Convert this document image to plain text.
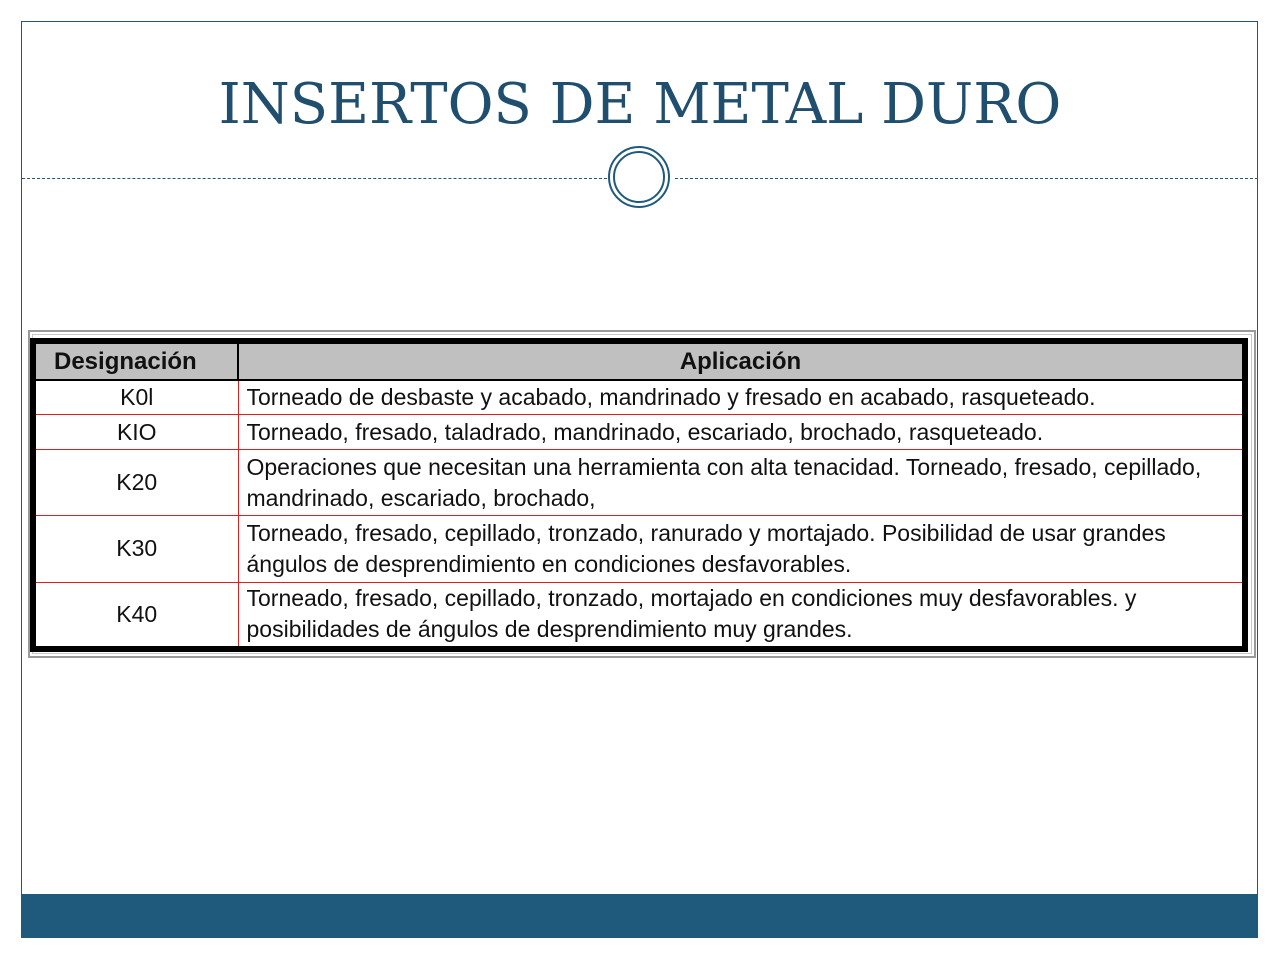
INSERTOS DE METAL DURO
Designación	Aplicación
K0l	Torneado de desbaste y acabado, mandrinado y fresado en acabado, rasqueteado.
KIO	Torneado, fresado, taladrado, mandrinado, escariado, brochado, rasqueteado.
K20	Operaciones que necesitan una herramienta con alta tenacidad. Torneado, fresado, cepillado, mandrinado, escariado, brochado,
K30	Torneado, fresado, cepillado, tronzado, ranurado y mortajado. Posibilidad de usar grandes ángulos de desprendimiento en condiciones desfavorables.
K40	Torneado, fresado, cepillado, tronzado, mortajado en condiciones muy desfavorables. y posibilidades de ángulos de desprendimiento muy grandes.
